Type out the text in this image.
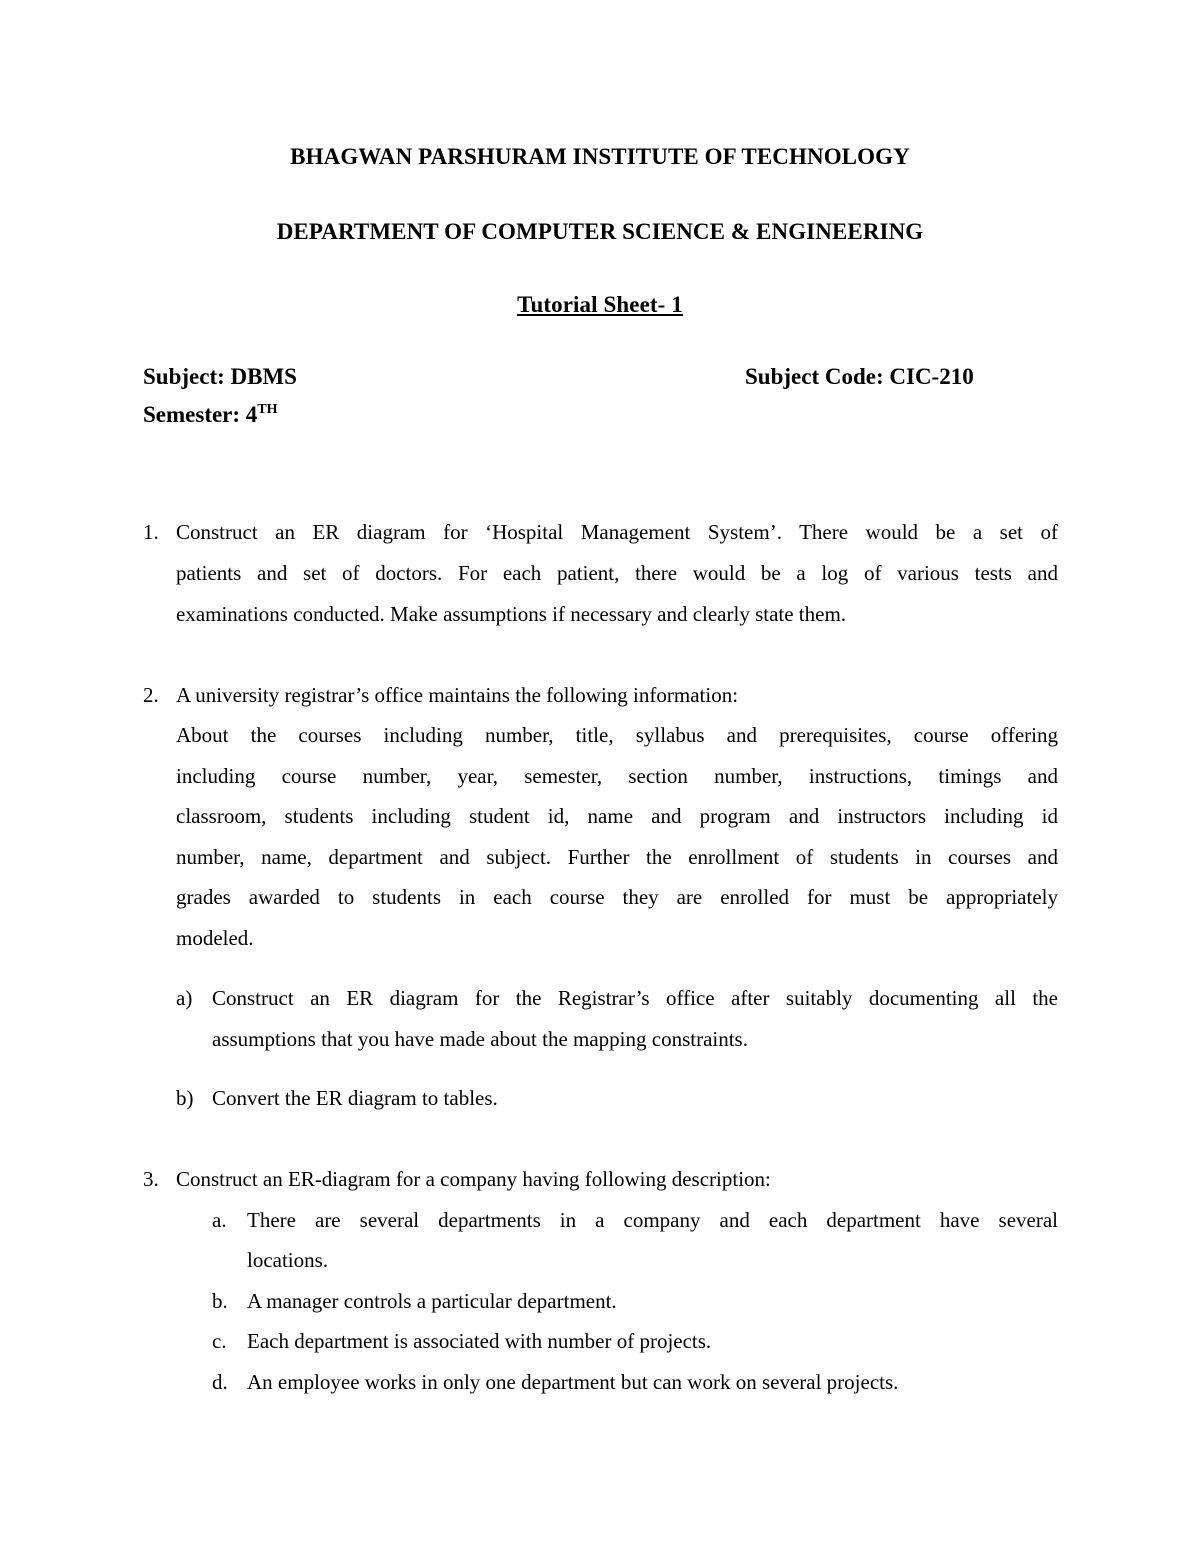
BHAGWAN PARSHURAM INSTITUTE OF TECHNOLOGY
DEPARTMENT OF COMPUTER SCIENCE & ENGINEERING
Tutorial Sheet- 1
Subject: DBMS	Subject Code: CIC-210
Semester: 4TH
1. Construct an ER diagram for ‘Hospital Management System’. There would be a set of
patients and set of doctors. For each patient, there would be a log of various tests and
examinations conducted. Make assumptions if necessary and clearly state them.
2. A university registrar’s office maintains the following information:
About the courses including number, title, syllabus and prerequisites, course offering
including course number, year, semester, section number, instructions, timings and
classroom, students including student id, name and program and instructors including id
number, name, department and subject. Further the enrollment of students in courses and
grades awarded to students in each course they are enrolled for must be appropriately
modeled.
a) Construct an ER diagram for the Registrar’s office after suitably documenting all the
assumptions that you have made about the mapping constraints.
b) Convert the ER diagram to tables.
3. Construct an ER-diagram for a company having following description:
a. There are several departments in a company and each department have several
locations.
b. A manager controls a particular department.
c. Each department is associated with number of projects.
d. An employee works in only one department but can work on several projects.
